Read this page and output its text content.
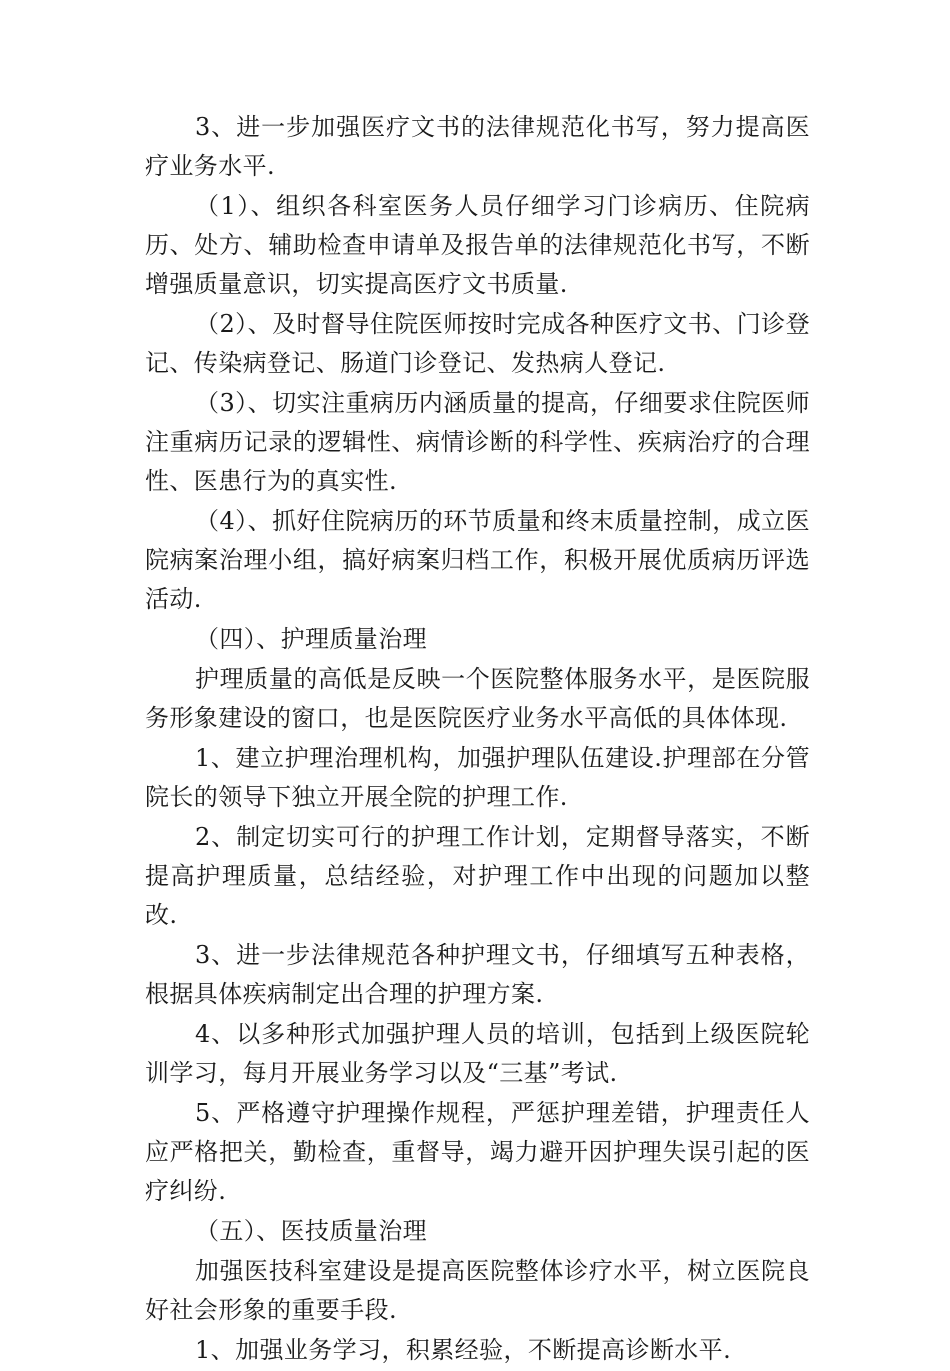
3、进一步加强医疗文书的法律规范化书写，努力提高医疗业务水平.

（1）、组织各科室医务人员仔细学习门诊病历、住院病历、处方、辅助检查申请单及报告单的法律规范化书写，不断增强质量意识，切实提高医疗文书质量.

（2）、及时督导住院医师按时完成各种医疗文书、门诊登记、传染病登记、肠道门诊登记、发热病人登记.

（3）、切实注重病历内涵质量的提高，仔细要求住院医师注重病历记录的逻辑性、病情诊断的科学性、疾病治疗的合理性、医患行为的真实性.

（4）、抓好住院病历的环节质量和终末质量控制，成立医院病案治理小组，搞好病案归档工作，积极开展优质病历评选活动.

（四）、护理质量治理

护理质量的高低是反映一个医院整体服务水平，是医院服务形象建设的窗口，也是医院医疗业务水平高低的具体体现.

1、建立护理治理机构，加强护理队伍建设.护理部在分管院长的领导下独立开展全院的护理工作.

2、制定切实可行的护理工作计划，定期督导落实，不断提高护理质量，总结经验，对护理工作中出现的问题加以整改.

3、进一步法律规范各种护理文书，仔细填写五种表格，根据具体疾病制定出合理的护理方案.

4、以多种形式加强护理人员的培训，包括到上级医院轮训学习，每月开展业务学习以及“三基”考试.

5、严格遵守护理操作规程，严惩护理差错，护理责任人应严格把关，勤检查，重督导，竭力避开因护理失误引起的医疗纠纷.

（五）、医技质量治理

加强医技科室建设是提高医院整体诊疗水平，树立医院良好社会形象的重要手段.

1、加强业务学习，积累经验，不断提高诊断水平.
